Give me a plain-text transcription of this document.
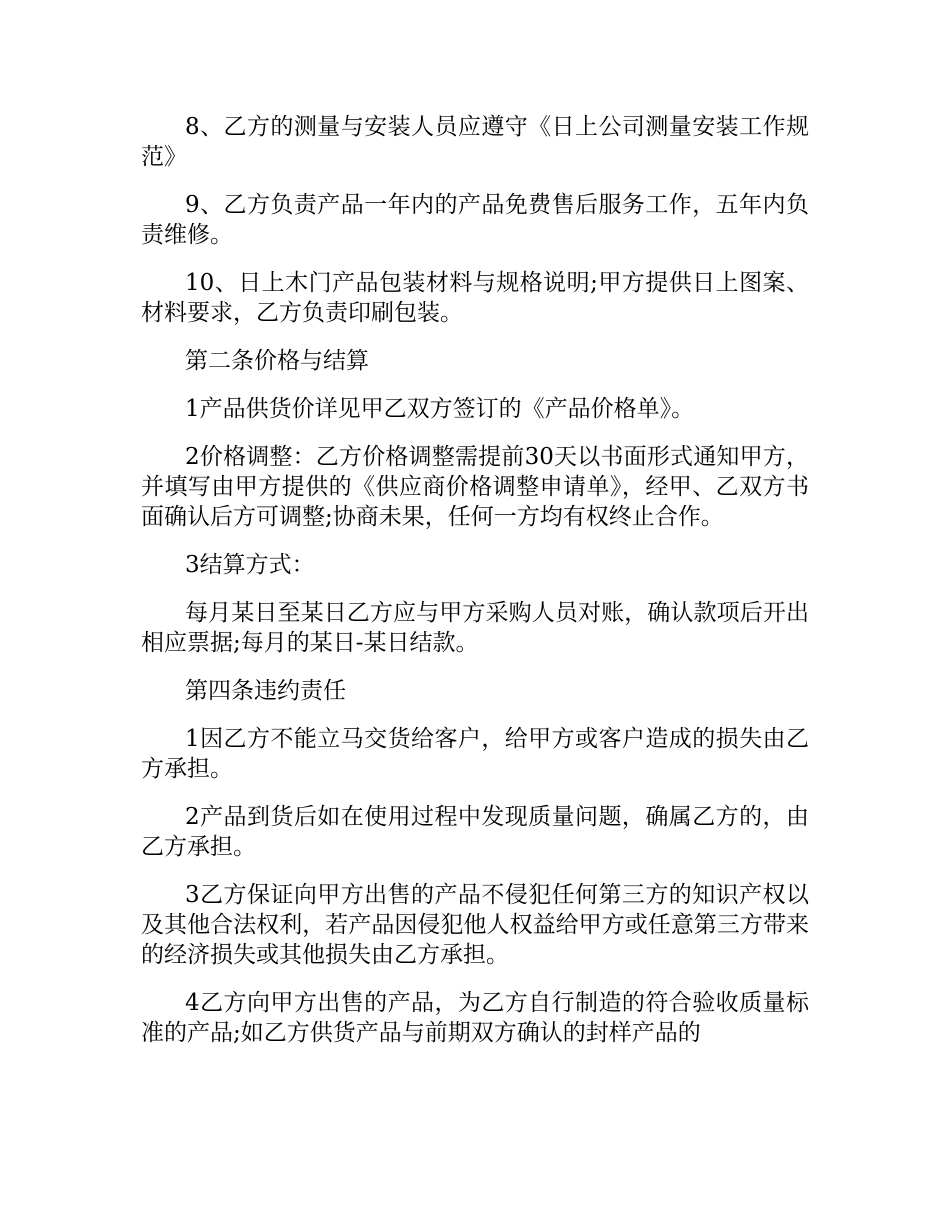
8、乙方的测量与安装人员应遵守《日上公司测量安装工作规范》

9、乙方负责产品一年内的产品免费售后服务工作，五年内负责维修。

10、日上木门产品包装材料与规格说明;甲方提供日上图案、材料要求，乙方负责印刷包装。

第二条价格与结算

1产品供货价详见甲乙双方签订的《产品价格单》。

2价格调整：乙方价格调整需提前30天以书面形式通知甲方，并填写由甲方提供的《供应商价格调整申请单》，经甲、乙双方书面确认后方可调整;协商未果，任何一方均有权终止合作。

3结算方式：

每月某日至某日乙方应与甲方采购人员对账，确认款项后开出相应票据;每月的某日-某日结款。

第四条违约责任

1因乙方不能立马交货给客户，给甲方或客户造成的损失由乙方承担。

2产品到货后如在使用过程中发现质量问题，确属乙方的，由乙方承担。

3乙方保证向甲方出售的产品不侵犯任何第三方的知识产权以及其他合法权利，若产品因侵犯他人权益给甲方或任意第三方带来的经济损失或其他损失由乙方承担。

4乙方向甲方出售的产品，为乙方自行制造的符合验收质量标准的产品;如乙方供货产品与前期双方确认的封样产品的
